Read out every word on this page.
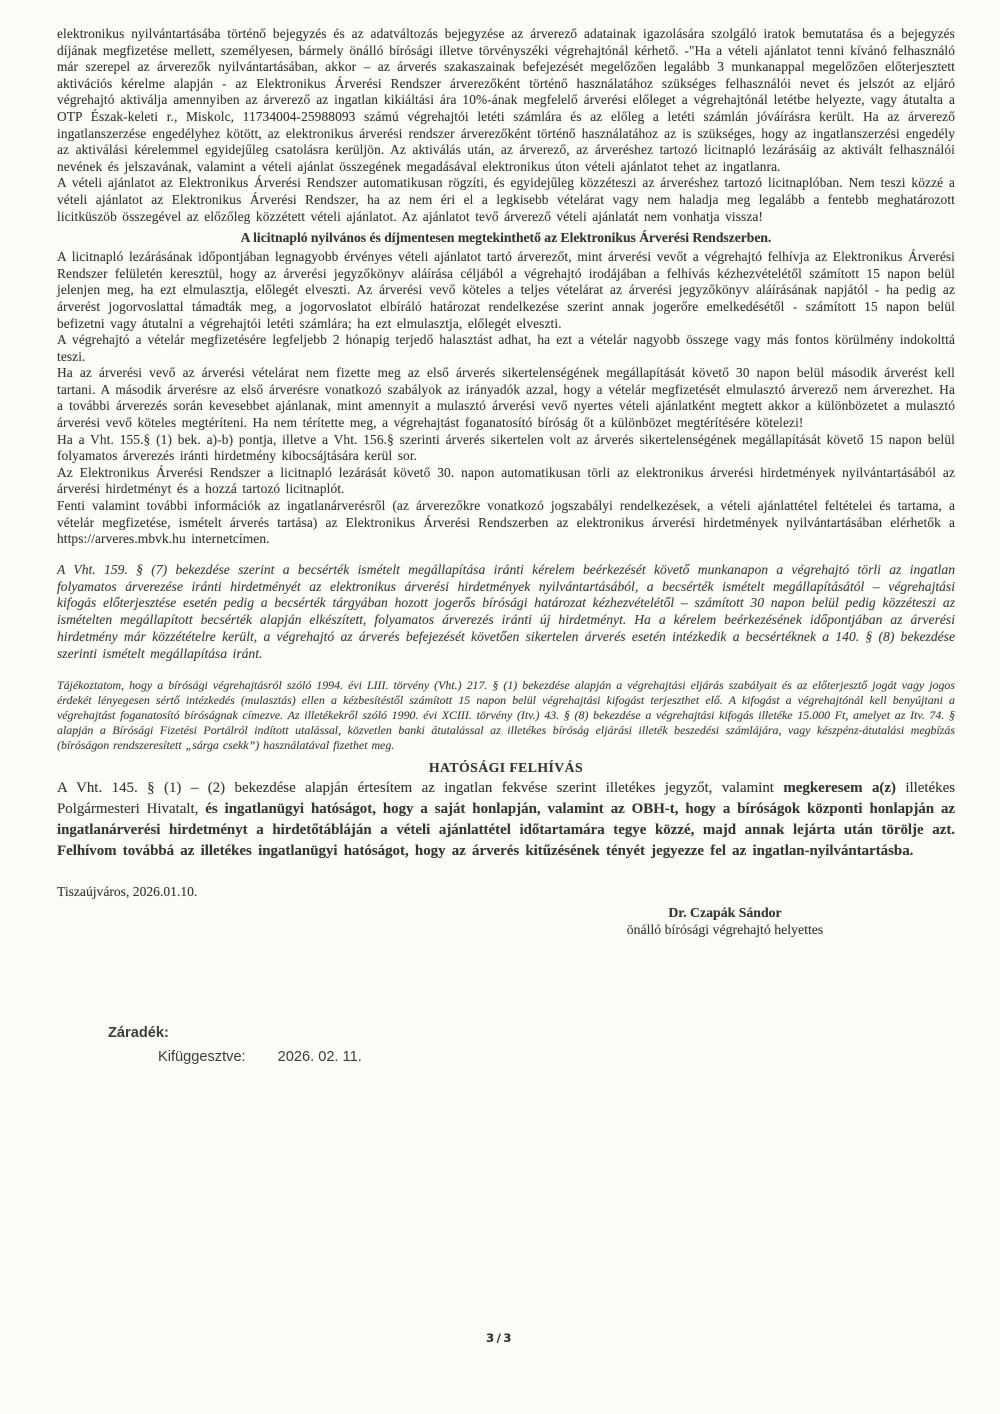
elektronikus nyilvántartásába történő bejegyzés és az adatváltozás bejegyzése az árverező adatainak igazolására szolgáló iratok bemutatása és a bejegyzés díjának megfizetése mellett, személyesen, bármely önálló bírósági illetve törvényszéki végrehajtónál kérhető. -"Ha a vételi ajánlatot tenni kívánó felhasználó már szerepel az árverezők nyilvántartásában, akkor – az árverés szakaszainak befejezését megelőzően legalább 3 munkanappal megelőzően előterjesztett aktivációs kérelme alapján - az Elektronikus Árverési Rendszer árverezőként történő használatához szükséges felhasználói nevet és jelszót az eljáró végrehajtó aktiválja amennyiben az árverező az ingatlan kikiáltási ára 10%-ának megfelelő árverési előleget a végrehajtónál letétbe helyezte, vagy átutalta a OTP Észak-keleti r., Miskolc, 11734004-25988093 számú végrehajtói letéti számlára és az előleg a letéti számlán jóváírásra került. Ha az árverező ingatlanszerzése engedélyhez kötött, az elektronikus árverési rendszer árverezőként történő használatához az is szükséges, hogy az ingatlanszerzési engedély az aktiválási kérelemmel egyidejűleg csatolásra kerüljön. Az aktiválás után, az árverező, az árveréshez tartozó licitnapló lezárásáig az aktivált felhasználói nevének és jelszavának, valamint a vételi ajánlat összegének megadásával elektronikus úton vételi ajánlatot tehet az ingatlanra.

A vételi ajánlatot az Elektronikus Árverési Rendszer automatikusan rögzíti, és egyidejűleg közzéteszi az árveréshez tartozó licitnaplóban. Nem teszi közzé a vételi ajánlatot az Elektronikus Árverési Rendszer, ha az nem éri el a legkisebb vételárat vagy nem haladja meg legalább a fentebb meghatározott licitküszöb összegével az előzőleg közzétett vételi ajánlatot. Az ajánlatot tevő árverező vételi ajánlatát nem vonhatja vissza!

A licitnapló nyilvános és díjmentesen megtekinthető az Elektronikus Árverési Rendszerben.

A licitnapló lezárásának időpontjában legnagyobb érvényes vételi ajánlatot tartó árverezőt, mint árverési vevőt a végrehajtó felhívja az Elektronikus Árverési Rendszer felületén keresztül, hogy az árverési jegyzőkönyv aláírása céljából a végrehajtó irodájában a felhívás kézhezvételétől számított 15 napon belül jelenjen meg, ha ezt elmulasztja, előlegét elveszti. Az árverési vevő köteles a teljes vételárat az árverési jegyzőkönyv aláírásának napjától - ha pedig az árverést jogorvoslattal támadták meg, a jogorvoslatot elbíráló határozat rendelkezése szerint annak jogerőre emelkedésétől - számított 15 napon belül befizetni vagy átutalni a végrehajtói letéti számlára; ha ezt elmulasztja, előlegét elveszti.

A végrehajtó a vételár megfizetésére legfeljebb 2 hónapig terjedő halasztást adhat, ha ezt a vételár nagyobb összege vagy más fontos körülmény indokolttá teszi.

Ha az árverési vevő az árverési vételárat nem fizette meg az első árverés sikertelenségének megállapítását követő 30 napon belül második árverést kell tartani. A második árverésre az első árverésre vonatkozó szabályok az irányadók azzal, hogy a vételár megfizetését elmulasztó árverező nem árverezhet. Ha a további árverezés során kevesebbet ajánlanak, mint amennyit a mulasztó árverési vevő nyertes vételi ajánlatként megtett akkor a különbözetet a mulasztó árverési vevő köteles megtéríteni. Ha nem térítette meg, a végrehajtást foganatosító bíróság őt a különbözet megtérítésére kötelezi!

Ha a Vht. 155.§ (1) bek. a)-b) pontja, illetve a Vht. 156.§ szerinti árverés sikertelen volt az árverés sikertelenségének megállapítását követő 15 napon belül folyamatos árverezés iránti hirdetmény kibocsájtására kerül sor.

Az Elektronikus Árverési Rendszer a licitnapló lezárását követő 30. napon automatikusan törli az elektronikus árverési hirdetmények nyilvántartásából az árverési hirdetményt és a hozzá tartozó licitnaplót.

Fenti valamint további információk az ingatlanárverésről (az árverezőkre vonatkozó jogszabályi rendelkezések, a vételi ajánlattétel feltételei és tartama, a vételár megfizetése, ismételt árverés tartása) az Elektronikus Árverési Rendszerben az elektronikus árverési hirdetmények nyilvántartásában elérhetők a https://arveres.mbvk.hu internetcímen.

A Vht. 159. § (7) bekezdése szerint a becsérték ismételt megállapítása iránti kérelem beérkezését követő munkanapon a végrehajtó törli az ingatlan folyamatos árverezése iránti hirdetményét az elektronikus árverési hirdetmények nyilvántartásából, a becsérték ismételt megállapításától – végrehajtási kifogás előterjesztése esetén pedig a becsérték tárgyában hozott jogerős bírósági határozat kézhezvételétől – számított 30 napon belül pedig közzéteszi az ismételten megállapított becsérték alapján elkészített, folyamatos árverezés iránti új hirdetményt. Ha a kérelem beérkezésének időpontjában az árverési hirdetmény már közzétételre került, a végrehajtó az árverés befejezését követően sikertelen árverés esetén intézkedik a becsértéknek a 140. § (8) bekezdése szerinti ismételt megállapítása iránt.

Tájékoztatom, hogy a bírósági végrehajtásról szóló 1994. évi LIII. törvény (Vht.) 217. § (1) bekezdése alapján a végrehajtási eljárás szabályait és az előterjesztő jogát vagy jogos érdekét lényegesen sértő intézkedés (mulasztás) ellen a kézbesítéstől számított 15 napon belül végrehajtási kifogást terjeszthet elő. A kifogást a végrehajtónál kell benyújtani a végrehajtást foganatosító bíróságnak címezve. Az illetékekről szóló 1990. évi XCIII. törvény (Itv.) 43. § (8) bekezdése a végrehajtási kifogás illetéke 15.000 Ft, amelyet az Itv. 74. § alapján a Bírósági Fizetési Portálról indított utalással, közvetlen banki átutalással az illetékes bíróság eljárási illeték beszedési számlájára, vagy készpénz-átutalási megbízás (bíróságon rendszeresített „sárga csekk”) használatával fizethet meg.

HATÓSÁGI FELHÍVÁS

A Vht. 145. § (1) – (2) bekezdése alapján értesítem az ingatlan fekvése szerint illetékes jegyzőt, valamint megkeresem a(z) illetékes Polgármesteri Hivatalt, és ingatlanügyi hatóságot, hogy a saját honlapján, valamint az OBH-t, hogy a bíróságok központi honlapján az ingatlanárverési hirdetményt a hirdetőtábláján a vételi ajánlattétel időtartamára tegye közzé, majd annak lejárta után törölje azt. Felhívom továbbá az illetékes ingatlanügyi hatóságot, hogy az árverés kitűzésének tényét jegyezze fel az ingatlan-nyilvántartásba.

Tiszaújváros, 2026.01.10.

Dr. Czapák Sándor
önálló bírósági végrehajtó helyettes
Záradék:
Kifüggesztve: 2026. 02. 11.
3/3
